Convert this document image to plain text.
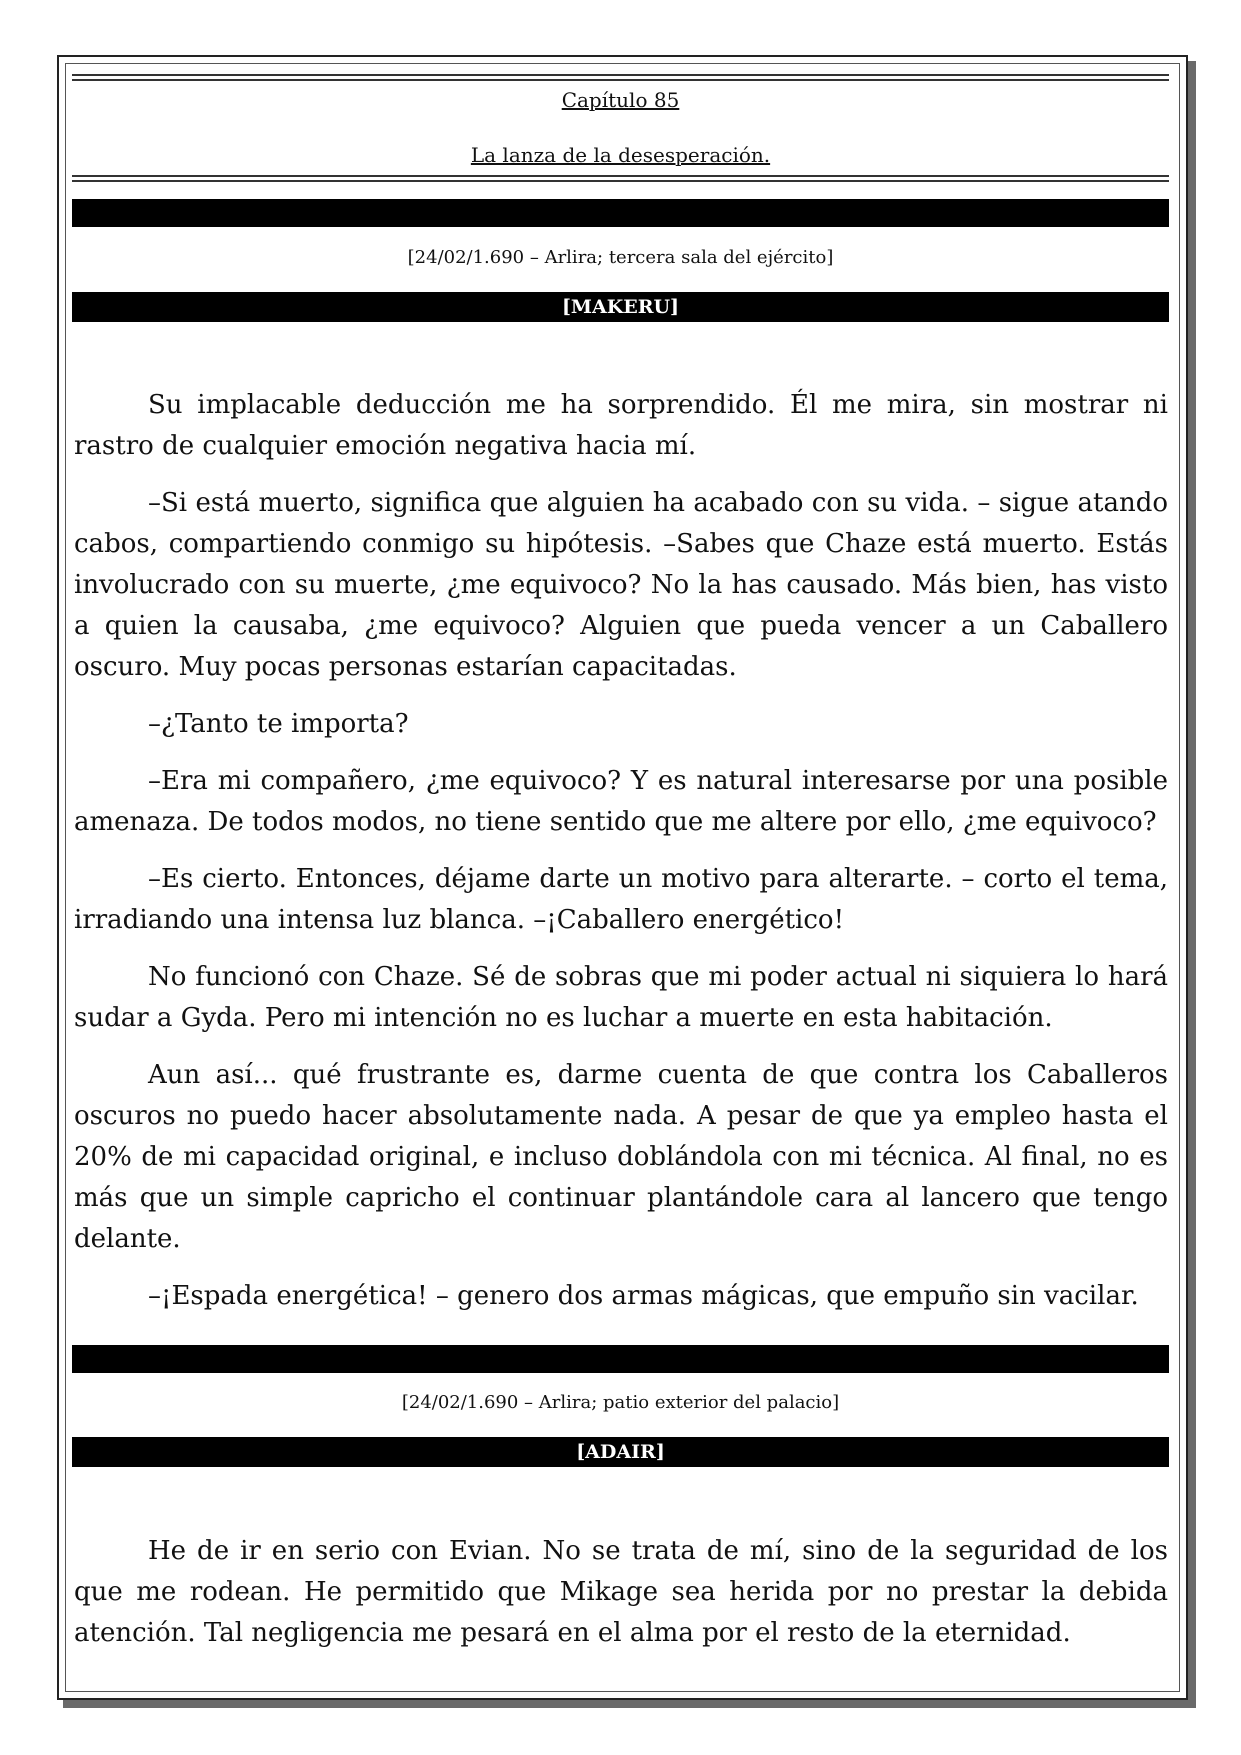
Capítulo 85
La lanza de la desesperación.
[24/02/1.690 – Arlira; tercera sala del ejército]
[MAKERU]

Su implacable deducción me ha sorprendido. Él me mira, sin mostrar ni rastro de cualquier emoción negativa hacia mí.

–Si está muerto, significa que alguien ha acabado con su vida. – sigue atando cabos, compartiendo conmigo su hipótesis. –Sabes que Chaze está muerto. Estás involucrado con su muerte, ¿me equivoco? No la has causado. Más bien, has visto a quien la causaba, ¿me equivoco? Alguien que pueda vencer a un Caballero oscuro. Muy pocas personas estarían capacitadas.

–¿Tanto te importa?

–Era mi compañero, ¿me equivoco? Y es natural interesarse por una posible amenaza. De todos modos, no tiene sentido que me altere por ello, ¿me equivoco?

–Es cierto. Entonces, déjame darte un motivo para alterarte. – corto el tema, irradiando una intensa luz blanca. –¡Caballero energético!

No funcionó con Chaze. Sé de sobras que mi poder actual ni siquiera lo hará sudar a Gyda. Pero mi intención no es luchar a muerte en esta habitación.

Aun así... qué frustrante es, darme cuenta de que contra los Caballeros oscuros no puedo hacer absolutamente nada. A pesar de que ya empleo hasta el 20% de mi capacidad original, e incluso doblándola con mi técnica. Al final, no es más que un simple capricho el continuar plantándole cara al lancero que tengo delante.

–¡Espada energética! – genero dos armas mágicas, que empuño sin vacilar.

[24/02/1.690 – Arlira; patio exterior del palacio]
[ADAIR]

He de ir en serio con Evian. No se trata de mí, sino de la seguridad de los que me rodean. He permitido que Mikage sea herida por no prestar la debida atención. Tal negligencia me pesará en el alma por el resto de la eternidad.
